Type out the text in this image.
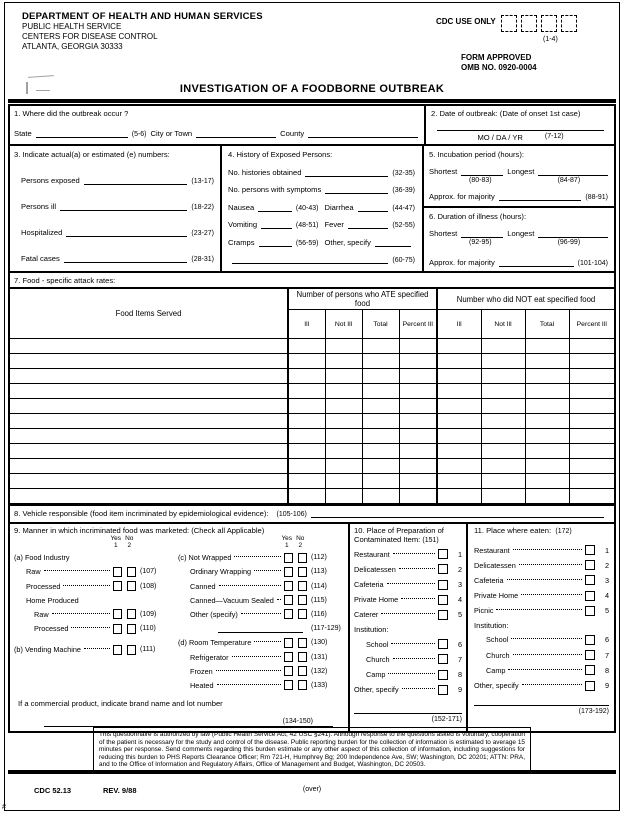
DEPARTMENT OF HEALTH AND HUMAN SERVICES
PUBLIC HEALTH SERVICE
CENTERS FOR DISEASE CONTROL
ATLANTA, GEORGIA 30333
CDC USE ONLY
(1-4)
FORM APPROVED
OMB NO. 0920-0004
INVESTIGATION OF A FOODBORNE OUTBREAK
1. Where did the outbreak occur ?
State	(5-6) City or Town	County
2. Date of outbreak: (Date of onset 1st case)
MO / DA / YR	(7-12)
3. Indicate actual(a) or estimated (e) numbers:
Persons exposed	(13-17)
Persons ill	(18-22)
Hospitalized	(23-27)
Fatal cases	(28-31)
4. History of Exposed Persons:
No. histories obtained	(32-35)
No. persons with symptoms	(36-39)
Nausea	(40-43) Diarrhea	(44-47)
Vomiting	(48-51) Fever	(52-55)
Cramps	(56-59) Other, specify
(60-75)
5. Incubation period (hours):
Shortest	Longest
(80-83)	(84-87)
Approx. for majority	(88-91)
6. Duration of illness (hours):
Shortest	Longest
(92-95)	(96-99)
Approx. for majority	(101-104)
7. Food - specific attack rates:
Food Items Served	Number of persons who ATE specified food				Number who did NOT eat specified food			
	Ill	Not Ill	Total	Percent Ill	Ill	Not Ill	Total	Percent Ill

8. Vehicle responsible (food item incriminated by epidemiological evidence): (105-106)
9. Manner in which incriminated food was marketed: (Check all Applicable)
Yes No
1	2
(a) Food Industry
Raw	(107)
Processed	(108)
Home Produced
Raw	(109)
Processed	(110)
(b) Vending Machine	(111)
Yes No
1	2
(c) Not Wrapped	(112)
Ordinary Wrapping	(113)
Canned	(114)
Canned—Vacuum Sealed	(115)
Other (specify)	(116)
(117-129)
(d) Room Temperature	(130)
Refrigerator	(131)
Frozen	(132)
Heated	(133)
If a commercial product, indicate brand name and lot number
(134-150)
10. Place of Preparation of Contaminated Item: (151)
Restaurant	1
Delicatessen	2
Cafeteria	3
Private Home	4
Caterer	5
Institution:
School	6
Church	7
Camp	8
Other, specify	9
(152-171)
11. Place where eaten: (172)
Restaurant	1
Delicatessen	2
Cafeteria	3
Private Home	4
Picnic	5
Institution:
School	6
Church	7
Camp	8
Other, specify	9
(173-192)
This questionnaire is authorized by law (Public Health Service Act, 42 USC §241). Although response to the questions asked is voluntary, cooperation of the patient is necessary for the study and control of the disease. Public reporting burden for the collection of information is estimated to average 15 minutes per response. Send comments regarding this burden estimate or any other aspect of this collection of information, including suggestions for reducing this burden to PHS Reports Clearance Officer; Rm 721-H, Humphrey Bg; 200 Independence Ave, SW; Washington, DC 20201; ATTN: PRA, and to the Office of Information and Regulatory Affairs, Office of Management and Budget, Washington, DC 20503.
CDC 52.13	REV. 9/88	(over)
#
